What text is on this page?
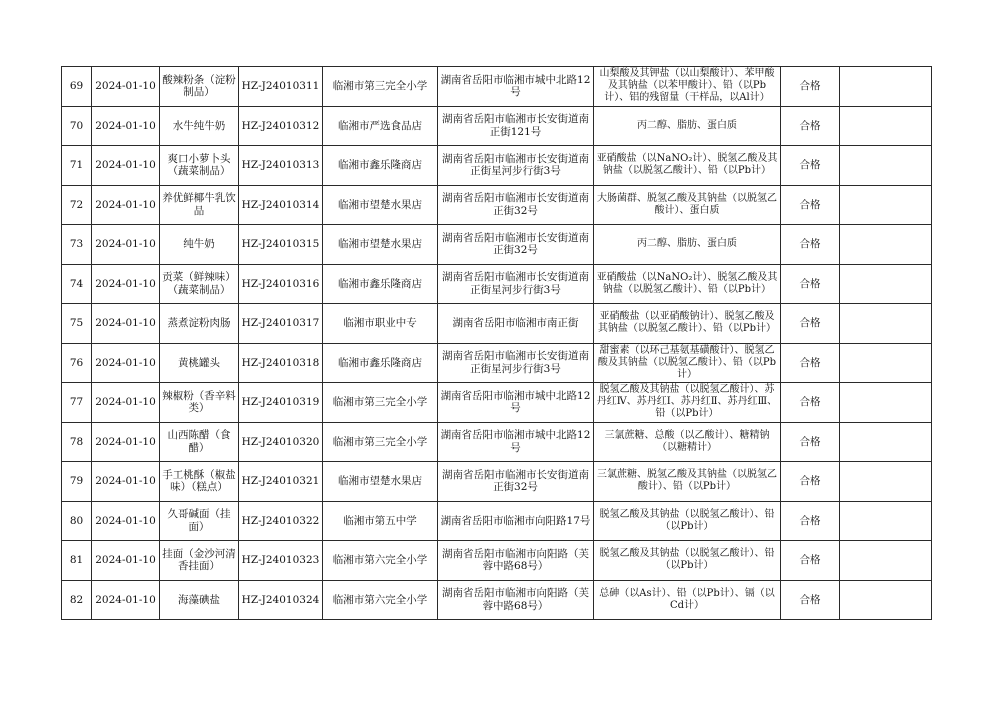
69	2024-01-10	酸辣粉条（淀粉制品）	HZ-J24010311	临湘市第三完全小学	湖南省岳阳市临湘市城中北路12号	山梨酸及其钾盐（以山梨酸计）、苯甲酸及其钠盐（以苯甲酸计）、铅（以Pb计）、铝的残留量（干样品，以Al计）	合格	
70	2024-01-10	水牛纯牛奶	HZ-J24010312	临湘市严选食品店	湖南省岳阳市临湘市长安街道南正街121号	丙二醇、脂肪、蛋白质	合格	
71	2024-01-10	爽口小萝卜头（蔬菜制品）	HZ-J24010313	临湘市鑫乐隆商店	湖南省岳阳市临湘市长安街道南正街星河步行街3号	亚硝酸盐（以NaNO₂计）、脱氢乙酸及其钠盐（以脱氢乙酸计）、铅（以Pb计）	合格	
72	2024-01-10	养优鲜椰牛乳饮品	HZ-J24010314	临湘市望楚水果店	湖南省岳阳市临湘市长安街道南正街32号	大肠菌群、脱氢乙酸及其钠盐（以脱氢乙酸计）、蛋白质	合格	
73	2024-01-10	纯牛奶	HZ-J24010315	临湘市望楚水果店	湖南省岳阳市临湘市长安街道南正街32号	丙二醇、脂肪、蛋白质	合格	
74	2024-01-10	贡菜（鲜辣味）（蔬菜制品）	HZ-J24010316	临湘市鑫乐隆商店	湖南省岳阳市临湘市长安街道南正街星河步行街3号	亚硝酸盐（以NaNO₂计）、脱氢乙酸及其钠盐（以脱氢乙酸计）、铅（以Pb计）	合格	
75	2024-01-10	蒸煮淀粉肉肠	HZ-J24010317	临湘市职业中专	湖南省岳阳市临湘市南正街	亚硝酸盐（以亚硝酸钠计）、脱氢乙酸及其钠盐（以脱氢乙酸计）、铅（以Pb计）	合格	
76	2024-01-10	黄桃罐头	HZ-J24010318	临湘市鑫乐隆商店	湖南省岳阳市临湘市长安街道南正街星河步行街3号	甜蜜素（以环己基氨基磺酸计）、脱氢乙酸及其钠盐（以脱氢乙酸计）、铅（以Pb计）	合格	
77	2024-01-10	辣椒粉（香辛料类）	HZ-J24010319	临湘市第三完全小学	湖南省岳阳市临湘市城中北路12号	脱氢乙酸及其钠盐（以脱氢乙酸计）、苏丹红Ⅳ、苏丹红Ⅰ、苏丹红Ⅱ、苏丹红Ⅲ、铅（以Pb计）	合格	
78	2024-01-10	山西陈醋（食醋）	HZ-J24010320	临湘市第三完全小学	湖南省岳阳市临湘市城中北路12号	三氯蔗糖、总酸（以乙酸计）、糖精钠（以糖精计）	合格	
79	2024-01-10	手工桃酥（椒盐味）（糕点）	HZ-J24010321	临湘市望楚水果店	湖南省岳阳市临湘市长安街道南正街32号	三氯蔗糖、脱氢乙酸及其钠盐（以脱氢乙酸计）、铅（以Pb计）	合格	
80	2024-01-10	久哥碱面（挂面）	HZ-J24010322	临湘市第五中学	湖南省岳阳市临湘市向阳路17号	脱氢乙酸及其钠盐（以脱氢乙酸计）、铅（以Pb计）	合格	
81	2024-01-10	挂面（金沙河清香挂面）	HZ-J24010323	临湘市第六完全小学	湖南省岳阳市临湘市向阳路（芙蓉中路68号）	脱氢乙酸及其钠盐（以脱氢乙酸计）、铅（以Pb计）	合格	
82	2024-01-10	海藻碘盐	HZ-J24010324	临湘市第六完全小学	湖南省岳阳市临湘市向阳路（芙蓉中路68号）	总砷（以As计）、铅（以Pb计）、镉（以Cd计）	合格	
